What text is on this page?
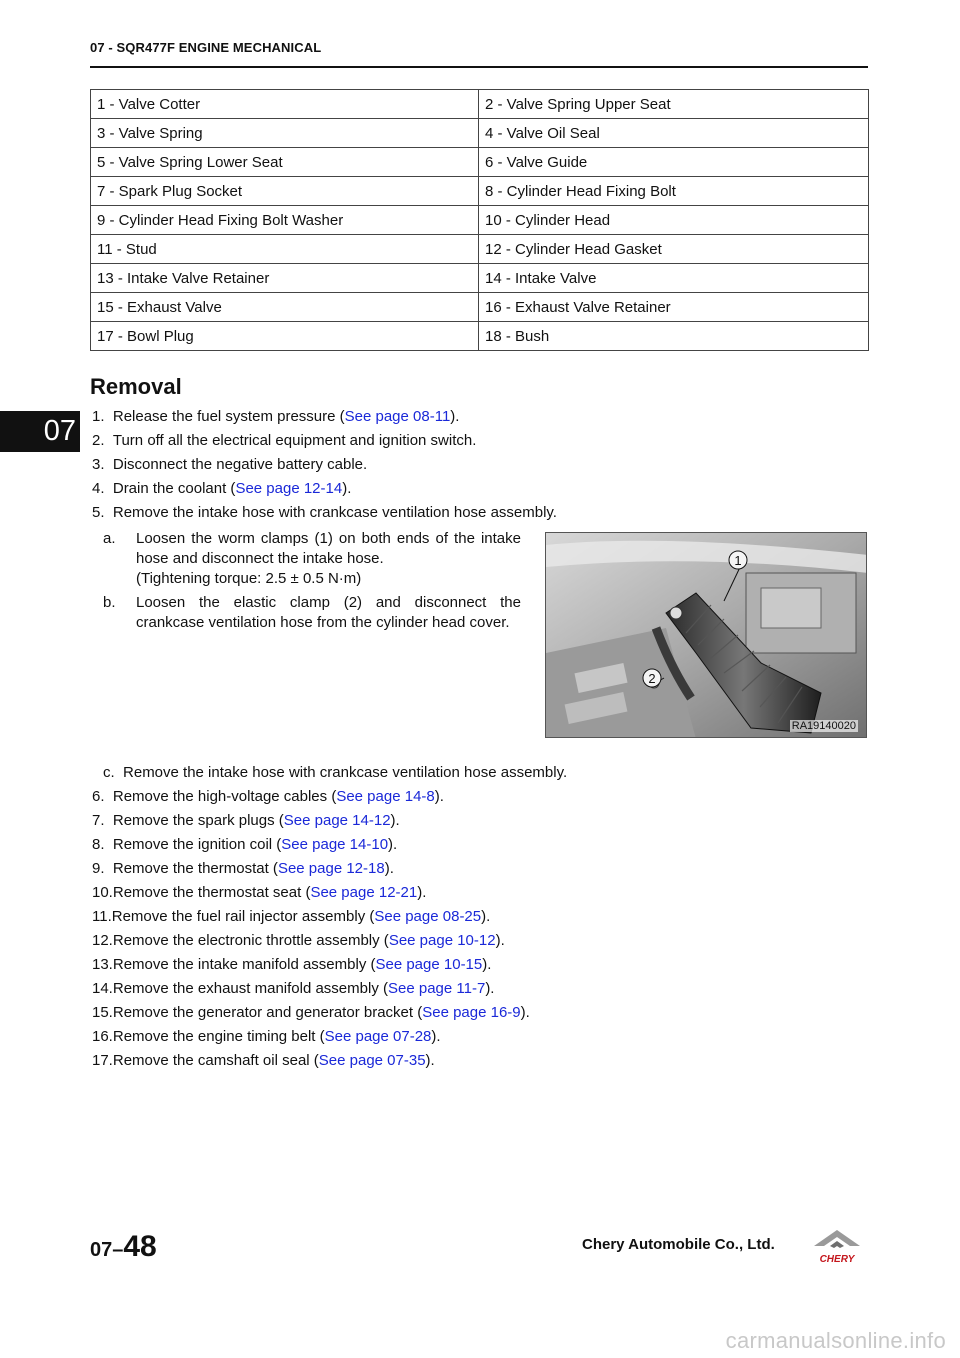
07 - SQR477F ENGINE MECHANICAL
07
1 - Valve Cotter	2 - Valve Spring Upper Seat
3 - Valve Spring	4 - Valve Oil Seal
5 - Valve Spring Lower Seat	6 - Valve Guide
7 - Spark Plug Socket	8 - Cylinder Head Fixing Bolt
9 - Cylinder Head Fixing Bolt Washer	10 - Cylinder Head
11 - Stud	12 - Cylinder Head Gasket
13 - Intake Valve Retainer	14 - Intake Valve
15 - Exhaust Valve	16 - Exhaust Valve Retainer
17 - Bowl Plug	18 - Bush
Removal
1. Release the fuel system pressure (See page 08-11).
2. Turn off all the electrical equipment and ignition switch.
3. Disconnect the negative battery cable.
4. Drain the coolant (See page 12-14).
5. Remove the intake hose with crankcase ventilation hose assembly.
a. Loosen the worm clamps (1) on both ends of the intake hose and disconnect the intake hose.
(Tightening torque: 2.5 ± 0.5 N·m)
b. Loosen the elastic clamp (2) and disconnect the crankcase ventilation hose from the cylinder head cover.
1
2
RA19140020
c. Remove the intake hose with crankcase ventilation hose assembly.
6. Remove the high-voltage cables (See page 14-8).
7. Remove the spark plugs (See page 14-12).
8. Remove the ignition coil (See page 14-10).
9. Remove the thermostat (See page 12-18).
10.Remove the thermostat seat (See page 12-21).
11.Remove the fuel rail injector assembly (See page 08-25).
12.Remove the electronic throttle assembly (See page 10-12).
13.Remove the intake manifold assembly (See page 10-15).
14.Remove the exhaust manifold assembly (See page 11-7).
15.Remove the generator and generator bracket (See page 16-9).
16.Remove the engine timing belt (See page 07-28).
17.Remove the camshaft oil seal (See page 07-35).
07–48	Chery Automobile Co., Ltd.
CHERY
carmanualsonline.info
